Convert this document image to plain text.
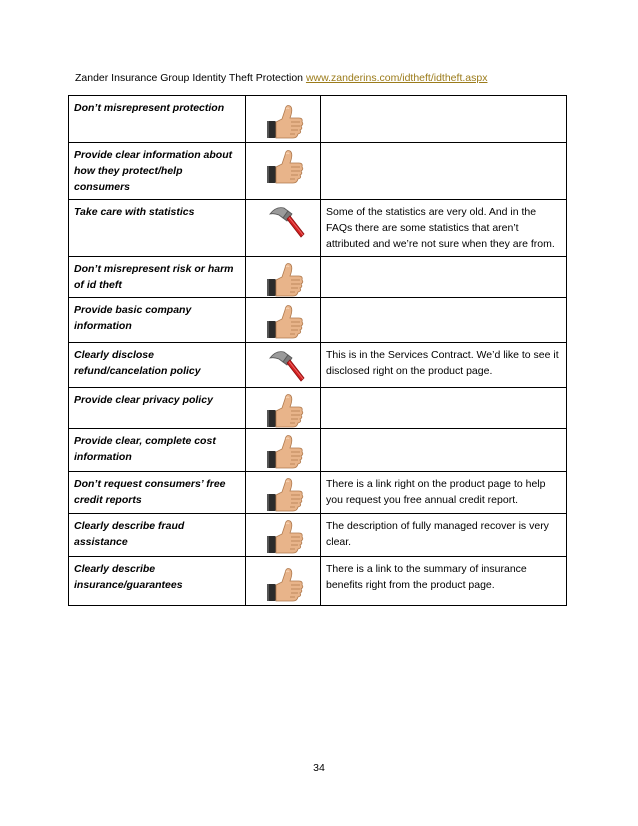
Zander Insurance Group Identity Theft Protection www.zanderins.com/idtheft/idtheft.aspx
Don’t misrepresent protection	

Provide clear information about how they protect/help consumers	

Take care with statistics		Some of the statistics are very old. And in the FAQs there are some statistics that aren’t attributed and we’re not sure when they are from.
Don’t misrepresent risk or harm of id theft	

Provide basic company information	

Clearly disclose refund/cancelation policy		This is in the Services Contract. We’d like to see it disclosed right on the product page.
Provide clear privacy policy	

Provide clear, complete cost information	

Don’t request consumers’ free credit reports		There is a link right on the product page to help you request you free annual credit report.
Clearly describe fraud assistance		The description of fully managed recover is very clear.
Clearly describe insurance/guarantees		There is a link to the summary of insurance benefits right from the product page.
34
